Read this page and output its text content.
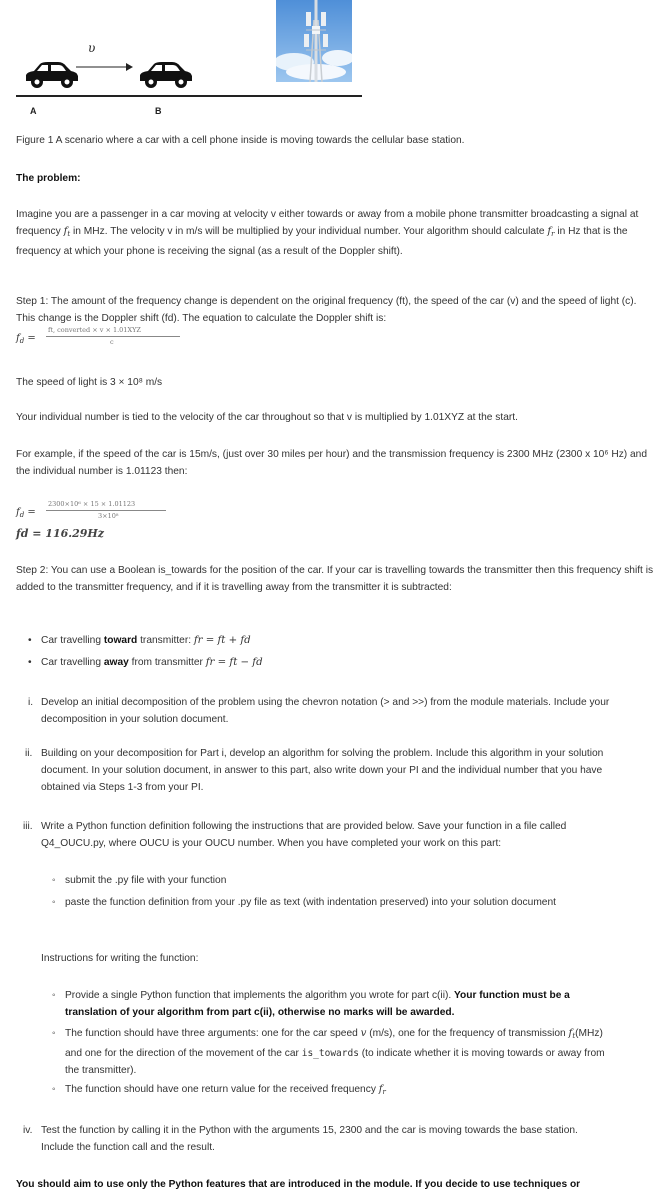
υ
A	B
Figure 1 A scenario where a car with a cell phone inside is moving towards the cellular base station.
The problem:
Imagine you are a passenger in a car moving at velocity v either towards or away from a mobile phone transmitter broadcasting a signal at frequency $f_t$ in MHz. The velocity v in m/s will be multiplied by your individual number. Your algorithm should calculate $f_r$ in Hz that is the frequency at which your phone is receiving the signal (as a result of the Doppler shift).
Step 1: The amount of the frequency change is dependent on the original frequency (ft), the speed of the car (v) and the speed of light (c). This change is the Doppler shift (fd). The equation to calculate the Doppler shift is:
$f_d$ =
ft, converted × v × 1.01XYZ
c
The speed of light is 3 × 10⁸ m/s
Your individual number is tied to the velocity of the car throughout so that v is multiplied by 1.01XYZ at the start.
For example, if the speed of the car is 15m/s, (just over 30 miles per hour) and the transmission frequency is 2300 MHz (2300 x 10⁶ Hz) and the individual number is 1.01123 then:
$f_d$ =
2300×10⁶ × 15 × 1.01123
3×10⁸
fd = 116.29Hz
Step 2: You can use a Boolean is_towards for the position of the car. If your car is travelling towards the transmitter then this frequency shift is added to the transmitter frequency, and if it is travelling away from the transmitter it is subtracted:
• Car travelling toward transmitter: fr = ft + fd
• Car travelling away from transmitter fr = ft − fd
i. Develop an initial decomposition of the problem using the chevron notation (> and >>) from the module materials. Include your decomposition in your solution document.
ii. Building on your decomposition for Part i, develop an algorithm for solving the problem. Include this algorithm in your solution document. In your solution document, in answer to this part, also write down your PI and the individual number that you have obtained via Steps 1-3 from your PI.
iii. Write a Python function definition following the instructions that are provided below. Save your function in a file called Q4_OUCU.py, where OUCU is your OUCU number. When you have completed your work on this part:
◦ submit the .py file with your function
◦ paste the function definition from your .py file as text (with indentation preserved) into your solution document
Instructions for writing the function:
◦ Provide a single Python function that implements the algorithm you wrote for part c(ii). Your function must be a translation of your algorithm from part c(ii), otherwise no marks will be awarded.
◦ The function should have three arguments: one for the car speed v (m/s), one for the frequency of transmission $f_t(MHz)$ and one for the direction of the movement of the car is_towards (to indicate whether it is moving towards or away from the transmitter).
◦ The function should have one return value for the received frequency $f_r$
iv. Test the function by calling it in the Python with the arguments 15, 2300 and the car is moving towards the base station. Include the function call and the result.
You should aim to use only the Python features that are introduced in the module. If you decide to use techniques or
